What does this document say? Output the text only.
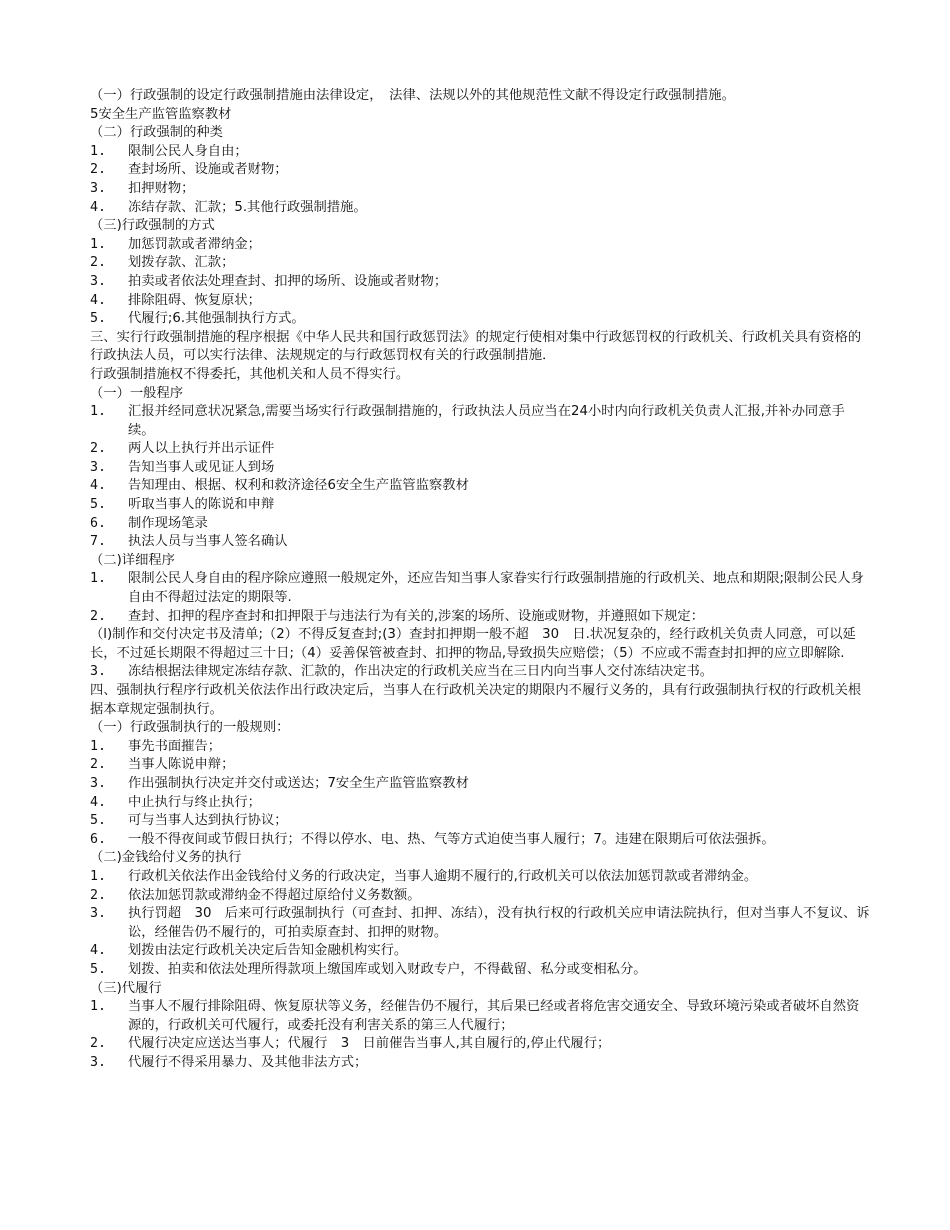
（一）行政强制的设定行政强制措施由法律设定，　法律、法规以外的其他规范性文献不得设定行政强制措施。
5安全生产监管监察教材
（二）行政强制的种类
1.	限制公民人身自由；
2.	查封场所、设施或者财物；
3.	扣押财物；
4.	冻结存款、汇款；5.其他行政强制措施。
（三)行政强制的方式
1.	加惩罚款或者滞纳金；
2.	划拨存款、汇款；
3.	拍卖或者依法处理查封、扣押的场所、设施或者财物；
4.	排除阻碍、恢复原状；
5.	代履行;6.其他强制执行方式。
三、实行行政强制措施的程序根据《中华人民共和国行政惩罚法》的规定行使相对集中行政惩罚权的行政机关、行政机关具有资格的行政执法人员，可以实行法律、法规规定的与行政惩罚权有关的行政强制措施．
行政强制措施权不得委托，其他机关和人员不得实行。
（一）一般程序
1.	汇报并经同意状况紧急,需要当场实行行政强制措施的，行政执法人员应当在24小时内向行政机关负责人汇报,并补办同意手续。
2.	两人以上执行并出示证件
3.	告知当事人或见证人到场
4.	告知理由、根据、权利和救济途径6安全生产监管监察教材
5.	听取当事人的陈说和申辩
6.	制作现场笔录
7.	执法人员与当事人签名确认
（二)详细程序
1.	限制公民人身自由的程序除应遵照一般规定外，还应告知当事人家眷实行行政强制措施的行政机关、地点和期限;限制公民人身自由不得超过法定的期限等.
2.	查封、扣押的程序查封和扣押限于与违法行为有关的,涉案的场所、设施或财物，并遵照如下规定：
（l)制作和交付决定书及清单;（2）不得反复查封;(3）查封扣押期一般不超　30　日.状况复杂的，经行政机关负责人同意，可以延长，不过延长期限不得超过三十日;（4）妥善保管被查封、扣押的物品,导致损失应赔偿；（5）不应或不需查封扣押的应立即解除.
3.	冻结根据法律规定冻结存款、汇款的，作出决定的行政机关应当在三日内向当事人交付冻结决定书。
四、强制执行程序行政机关依法作出行政决定后，当事人在行政机关决定的期限内不履行义务的，具有行政强制执行权的行政机关根据本章规定强制执行。
（一）行政强制执行的一般规则：
1.	事先书面摧告；
2.	当事人陈说申辩；
3.	作出强制执行决定并交付或送达；7安全生产监管监察教材
4.	中止执行与终止执行；
5.	可与当事人达到执行协议；
6.	一般不得夜间或节假日执行；不得以停水、电、热、气等方式迫使当事人履行；7。违建在限期后可依法强拆。
（二)金钱给付义务的执行
1.	行政机关依法作出金钱给付义务的行政决定，当事人逾期不履行的,行政机关可以依法加惩罚款或者滞纳金。
2.	依法加惩罚款或滞纳金不得超过原给付义务数额。
3.	执行罚超　30　后来可行政强制执行（可查封、扣押、冻结），没有执行权的行政机关应申请法院执行，但对当事人不复议、诉讼，经催告仍不履行的，可拍卖原查封、扣押的财物。
4.	划拨由法定行政机关决定后告知金融机构实行。
5.	划拨、拍卖和依法处理所得款项上缴国库或划入财政专户，不得截留、私分或变相私分。
（三)代履行
1.	当事人不履行排除阻碍、恢复原状等义务，经催告仍不履行，其后果已经或者将危害交通安全、导致环境污染或者破坏自然资源的，行政机关可代履行，或委托没有利害关系的第三人代履行；
2.	代履行决定应送达当事人；代履行　3　日前催告当事人,其自履行的,停止代履行；
3.	代履行不得采用暴力、及其他非法方式；
